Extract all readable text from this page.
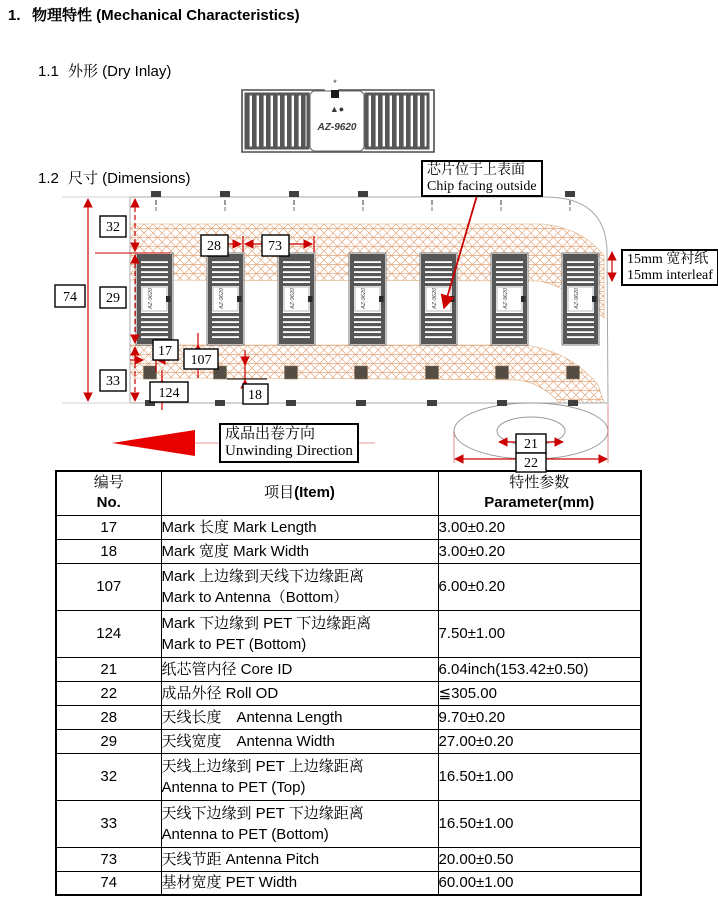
1. 物理特性 (Mechanical Characteristics)
1.1 外形 (Dry Inlay)
1.2 尺寸 (Dimensions)
*
▲●
AZ-9620
芯片位于上表面
Chip facing outside
15mm 宽衬纸
15mm interleaf
成品出卷方向
Unwinding Direction
AZ-9620
74
32
29
33
28	73
17
107
124	18
21
22
编号
No.	项目(Item)	特性参数
Parameter(mm)

17	Mark 长度 Mark Length	3.00±0.20
18	Mark 宽度 Mark Width	3.00±0.20
107	Mark 上边缘到天线下边缘距离
Mark to Antenna（Bottom）	6.00±0.20
124	Mark 下边缘到 PET 下边缘距离
Mark to PET (Bottom)	7.50±1.00
21	纸芯管内径 Core ID	6.04inch(153.42±0.50)
22	成品外径 Roll OD	≦305.00
28	天线长度　Antenna Length	9.70±0.20
29	天线宽度　Antenna Width	27.00±0.20
32	天线上边缘到 PET 上边缘距离
Antenna to PET (Top)	16.50±1.00
33	天线下边缘到 PET 下边缘距离
Antenna to PET (Bottom)	16.50±1.00
73	天线节距 Antenna Pitch	20.00±0.50
74	基材宽度 PET Width	60.00±1.00
